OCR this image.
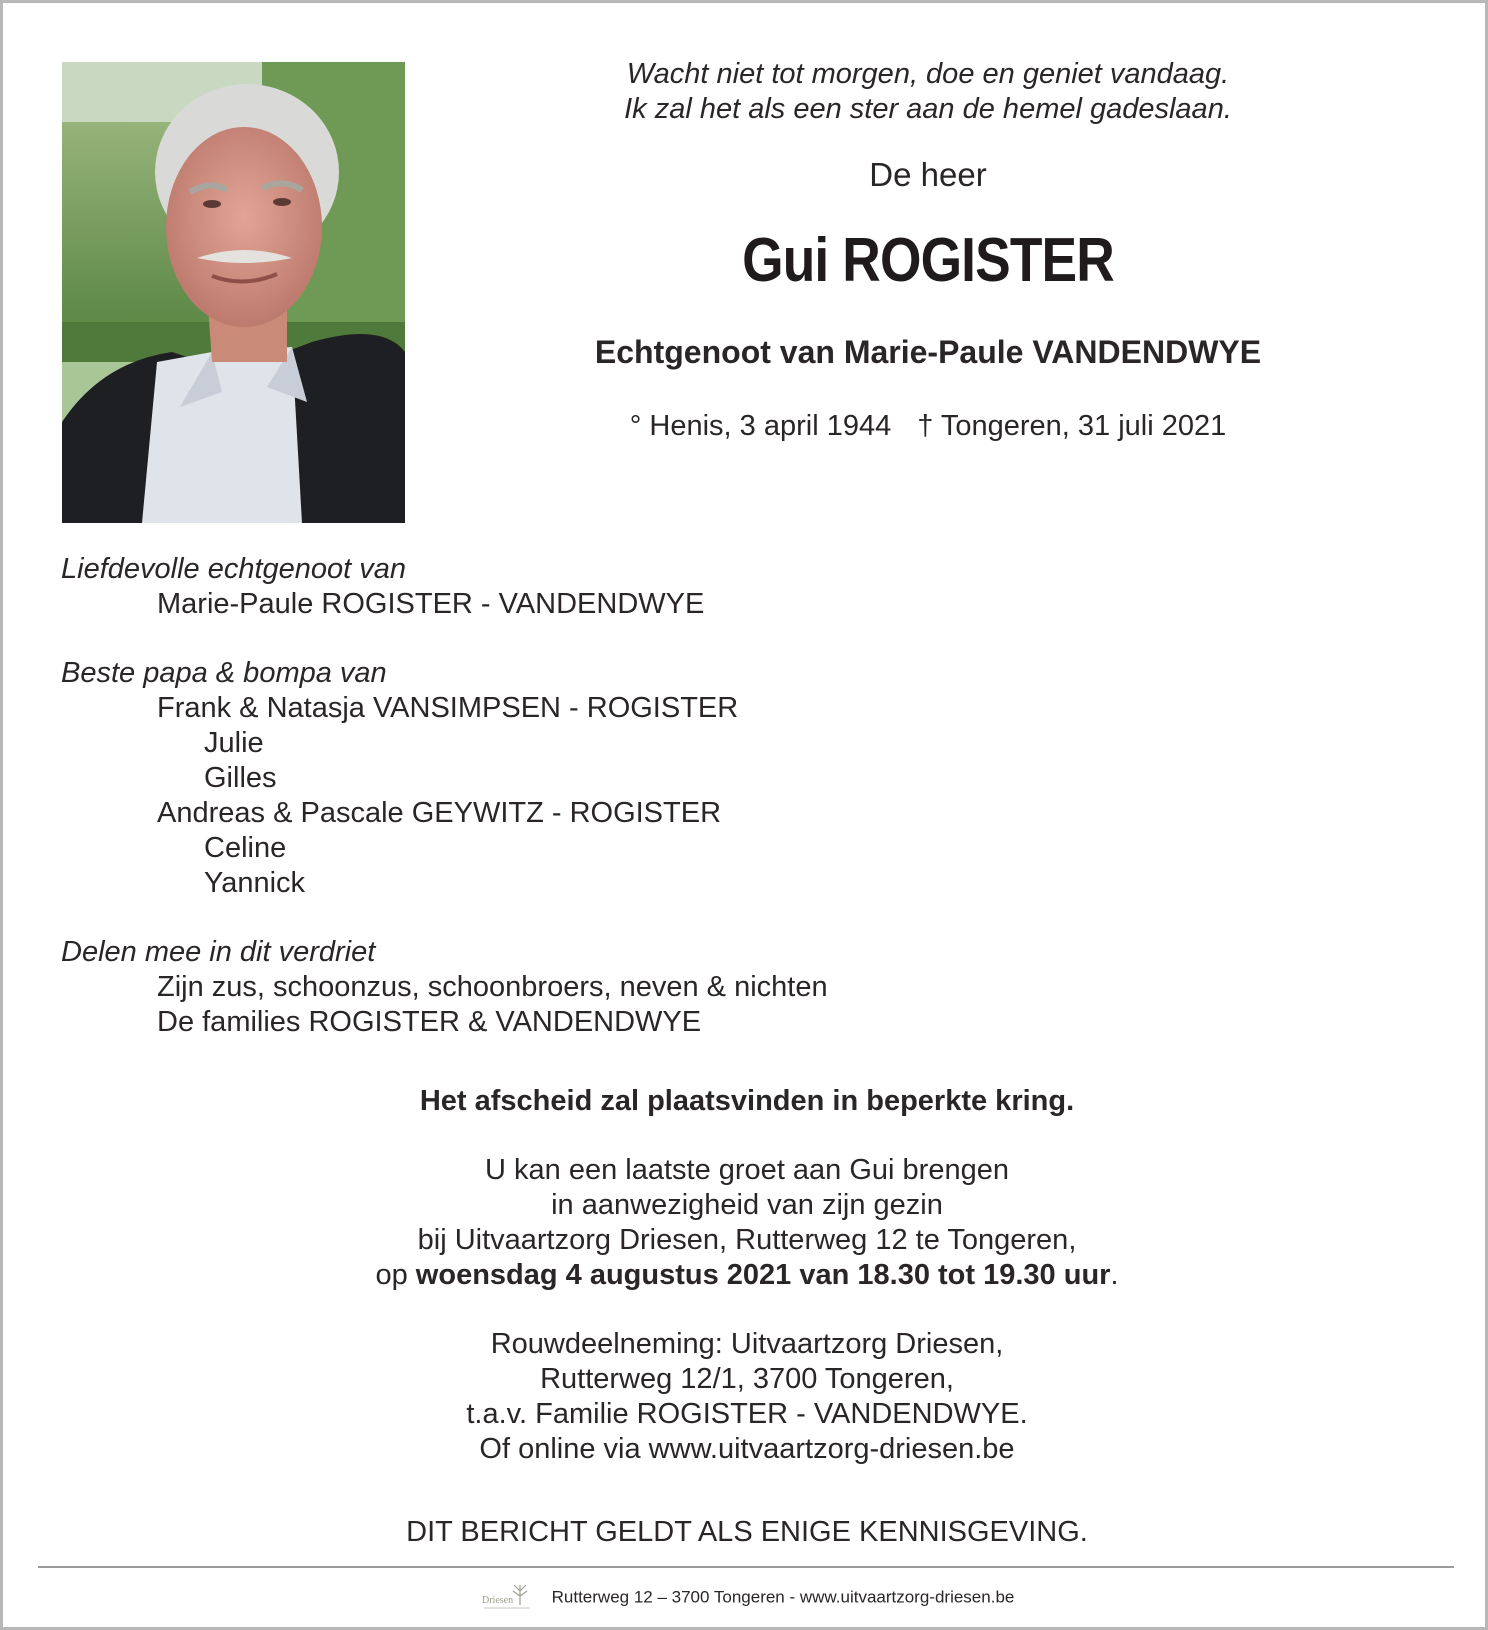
Wacht niet tot morgen, doe en geniet vandaag.
Ik zal het als een ster aan de hemel gadeslaan.
De heer
Gui ROGISTER
Echtgenoot van Marie-Paule VANDENDWYE
° Henis, 3 april 1944 † Tongeren, 31 juli 2021
Liefdevolle echtgenoot van
Marie-Paule ROGISTER - VANDENDWYE
Beste papa & bompa van
Frank & Natasja VANSIMPSEN - ROGISTER
Julie
Gilles
Andreas & Pascale GEYWITZ - ROGISTER
Celine
Yannick
Delen mee in dit verdriet
Zijn zus, schoonzus, schoonbroers, neven & nichten
De families ROGISTER & VANDENDWYE
Het afscheid zal plaatsvinden in beperkte kring.
U kan een laatste groet aan Gui brengen
in aanwezigheid van zijn gezin
bij Uitvaartzorg Driesen, Rutterweg 12 te Tongeren,
op woensdag 4 augustus 2021 van 18.30 tot 19.30 uur.
Rouwdeelneming: Uitvaartzorg Driesen,
Rutterweg 12/1, 3700 Tongeren,
t.a.v. Familie ROGISTER - VANDENDWYE.
Of online via www.uitvaartzorg-driesen.be
DIT BERICHT GELDT ALS ENIGE KENNISGEVING.
Driesen Rutterweg 12 – 3700 Tongeren - www.uitvaartzorg-driesen.be
